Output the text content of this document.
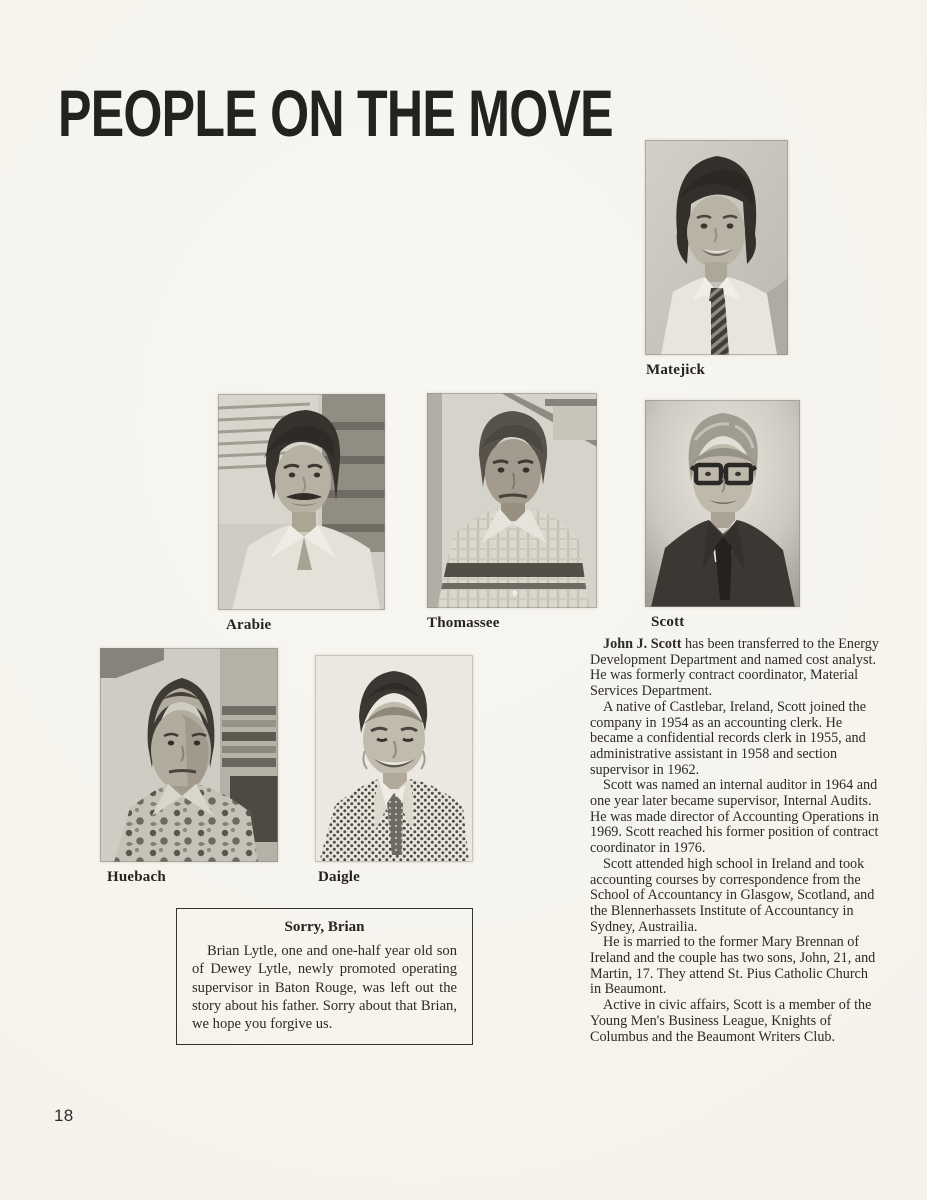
PEOPLE ON THE MOVE
Matejick
Arabie	Thomassee	Scott
Huebach	Daigle
Sorry, Brian

Brian Lytle, one and one-half year old son of Dewey Lytle, newly promoted operating supervisor in Baton Rouge, was left out the story about his father. Sorry about that Brian, we hope you forgive us.

John J. Scott has been transferred to the Energy Development Department and named cost analyst. He was formerly contract coordinator, Material Services Department.

A native of Castlebar, Ireland, Scott joined the company in 1954 as an accounting clerk. He became a confidential records clerk in 1955, and administrative assistant in 1958 and section supervisor in 1962.

Scott was named an internal auditor in 1964 and one year later became supervisor, Internal Audits. He was made director of Accounting Operations in 1969. Scott reached his former position of contract coordinator in 1976.

Scott attended high school in Ireland and took accounting courses by correspondence from the School of Accountancy in Glasgow, Scotland, and the Blennerhassets Institute of Accountancy in Sydney, Austrailia.

He is married to the former Mary Brennan of Ireland and the couple has two sons, John, 21, and Martin, 17. They attend St. Pius Catholic Church in Beaumont.

Active in civic affairs, Scott is a member of the Young Men's Business League, Knights of Columbus and the Beaumont Writers Club.

18
